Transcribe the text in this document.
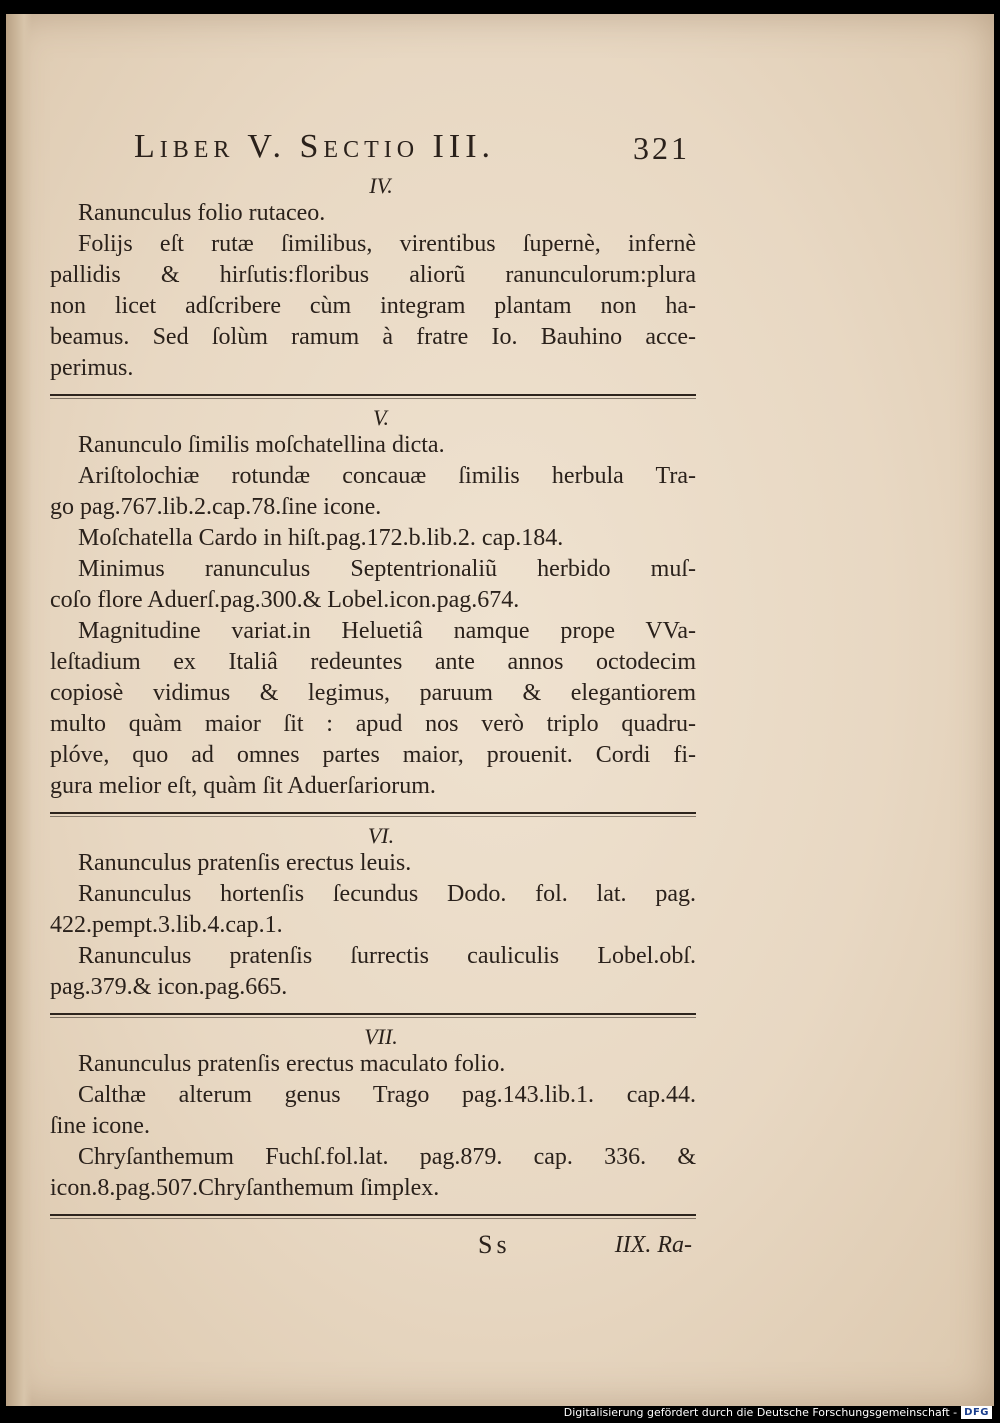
Liber V. Sectio III.	321
IV.
Ranunculus folio rutaceo.
Folijs eſt rutæ ſimilibus, virentibus ſupernè, infernè
pallidis & hirſutis:floribus aliorũ ranunculorum:plura
non licet adſcribere cùm integram plantam non ha-
beamus. Sed ſolùm ramum à fratre Io. Bauhino acce-
perimus.
V.
Ranunculo ſimilis moſchatellina dicta.
Ariſtolochiæ rotundæ concauæ ſimilis herbula Tra-
go pag.767.lib.2.cap.78.ſine icone.
Moſchatella Cardo in hiſt.pag.172.b.lib.2. cap.184.
Minimus ranunculus Septentrionaliũ herbido muſ-
coſo flore Aduerſ.pag.300.& Lobel.icon.pag.674.
Magnitudine variat.in Heluetiâ namque prope VVa-
leſtadium ex Italiâ redeuntes ante annos octodecim
copiosè vidimus & legimus, paruum & elegantiorem
multo quàm maior ſit : apud nos verò triplo quadru-
plóve, quo ad omnes partes maior, prouenit. Cordi fi-
gura melior eſt, quàm ſit Aduerſariorum.
VI.
Ranunculus pratenſis erectus leuis.
Ranunculus hortenſis ſecundus Dodo. fol. lat. pag.
422.pempt.3.lib.4.cap.1.
Ranunculus pratenſis ſurrectis cauliculis Lobel.obſ.
pag.379.& icon.pag.665.
VII.
Ranunculus pratenſis erectus maculato folio.
Calthæ alterum genus Trago pag.143.lib.1. cap.44.
ſine icone.
Chryſanthemum Fuchſ.fol.lat. pag.879. cap. 336. &
icon.8.pag.507.Chryſanthemum ſimplex.
Ss	IIX. Ra-
Digitalisierung gefördert durch die Deutsche Forschungsgemeinschaft - DFG
